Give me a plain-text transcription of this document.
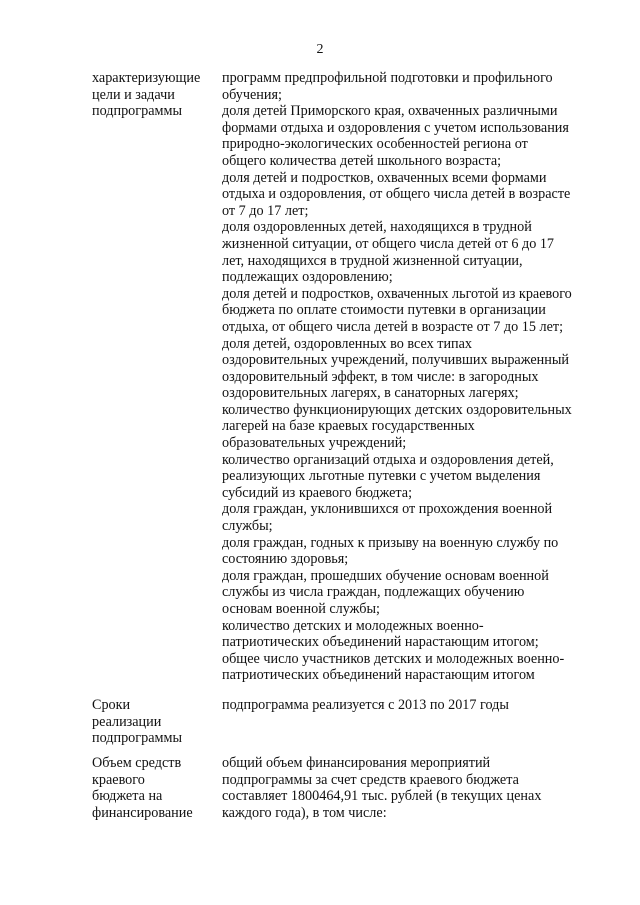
2
характеризующие
цели и задачи
подпрограммы
программ предпрофильной подготовки и профильного
обучения;
доля детей Приморского края, охваченных различными
формами отдыха и оздоровления с учетом использования
природно-экологических особенностей региона от
общего количества детей школьного возраста;
доля детей и подростков, охваченных всеми формами
отдыха и оздоровления, от общего числа детей в возрасте
от 7 до 17 лет;
доля оздоровленных детей, находящихся в трудной
жизненной ситуации, от общего числа детей от 6 до 17
лет, находящихся в трудной жизненной ситуации,
подлежащих оздоровлению;
доля детей и подростков, охваченных льготой из краевого
бюджета по оплате стоимости путевки в организации
отдыха, от общего числа детей в возрасте от 7 до 15 лет;
доля детей, оздоровленных во всех типах
оздоровительных учреждений, получивших выраженный
оздоровительный эффект, в том числе: в загородных
оздоровительных лагерях, в санаторных лагерях;
количество функционирующих детских оздоровительных
лагерей на базе краевых государственных
образовательных учреждений;
количество организаций отдыха и оздоровления детей,
реализующих льготные путевки с учетом выделения
субсидий из краевого бюджета;
доля граждан, уклонившихся от прохождения военной
службы;
доля граждан, годных к призыву на военную службу по
состоянию здоровья;
доля граждан, прошедших обучение основам военной
службы из числа граждан, подлежащих обучению
основам военной службы;
количество детских и молодежных военно-
патриотических объединений нарастающим итогом;
общее число участников детских и молодежных военно-
патриотических объединений нарастающим итогом
Сроки
реализации
подпрограммы
подпрограмма реализуется с 2013 по 2017 годы
Объем средств
краевого
бюджета на
финансирование
общий объем финансирования мероприятий
подпрограммы за счет средств краевого бюджета
составляет 1800464,91 тыс. рублей (в текущих ценах
каждого года), в том числе:
